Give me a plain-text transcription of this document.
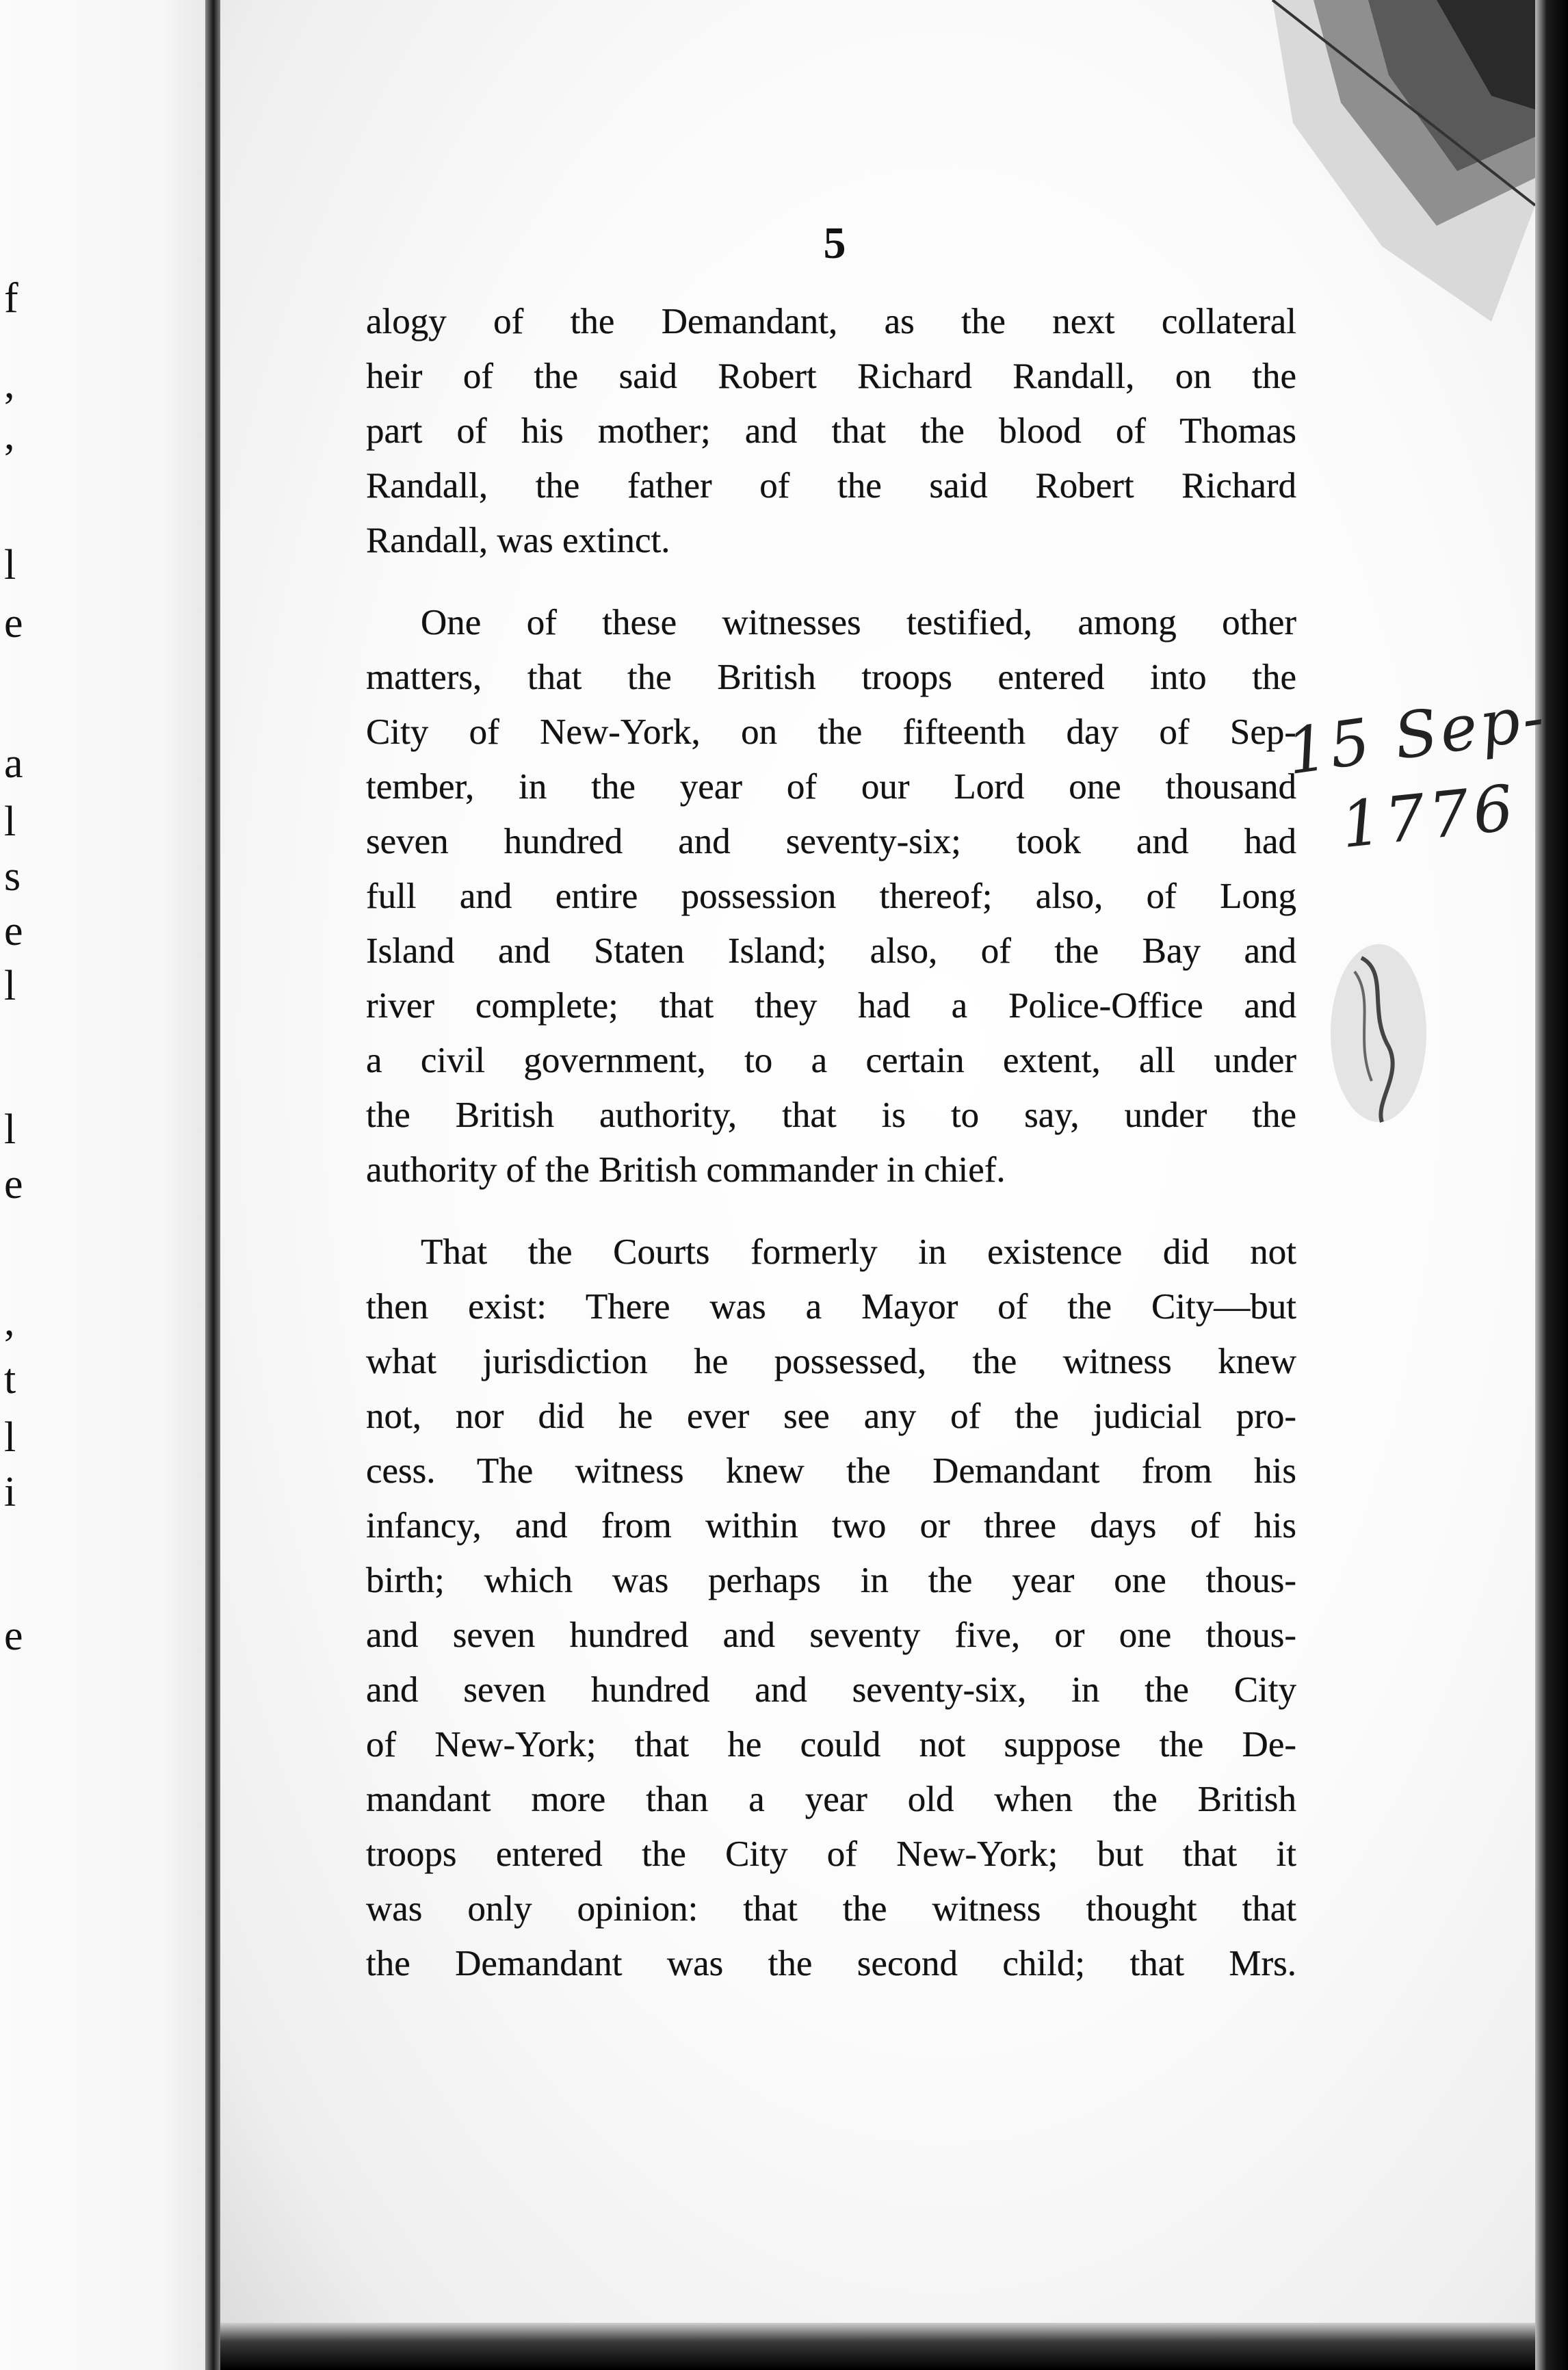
f
,
,
l
e
a
l
s
e
l
l
e
,
t
l
i
e
5
alogy of the Demandant, as the next collateral
heir of the said Robert Richard Randall, on the
part of his mother; and that the blood of Thomas
Randall, the father of the said Robert Richard
Randall, was extinct.
One of these witnesses testified, among other
matters, that the British troops entered into the
City of New-York, on the fifteenth day of Sep-
tember, in the year of our Lord one thousand
seven hundred and seventy-six; took and had
full and entire possession thereof; also, of Long
Island and Staten Island; also, of the Bay and
river complete; that they had a Police-Office and
a civil government, to a certain extent, all under
the British authority, that is to say, under the
authority of the British commander in chief.
That the Courts formerly in existence did not
then exist: There was a Mayor of the City—but
what jurisdiction he possessed, the witness knew
not, nor did he ever see any of the judicial pro-
cess. The witness knew the Demandant from his
infancy, and from within two or three days of his
birth; which was perhaps in the year one thous-
and seven hundred and seventy five, or one thous-
and seven hundred and seventy-six, in the City
of New-York; that he could not suppose the De-
mandant more than a year old when the British
troops entered the City of New-York; but that it
was only opinion: that the witness thought that
the Demandant was the second child; that Mrs.
15 Sep-
1776
